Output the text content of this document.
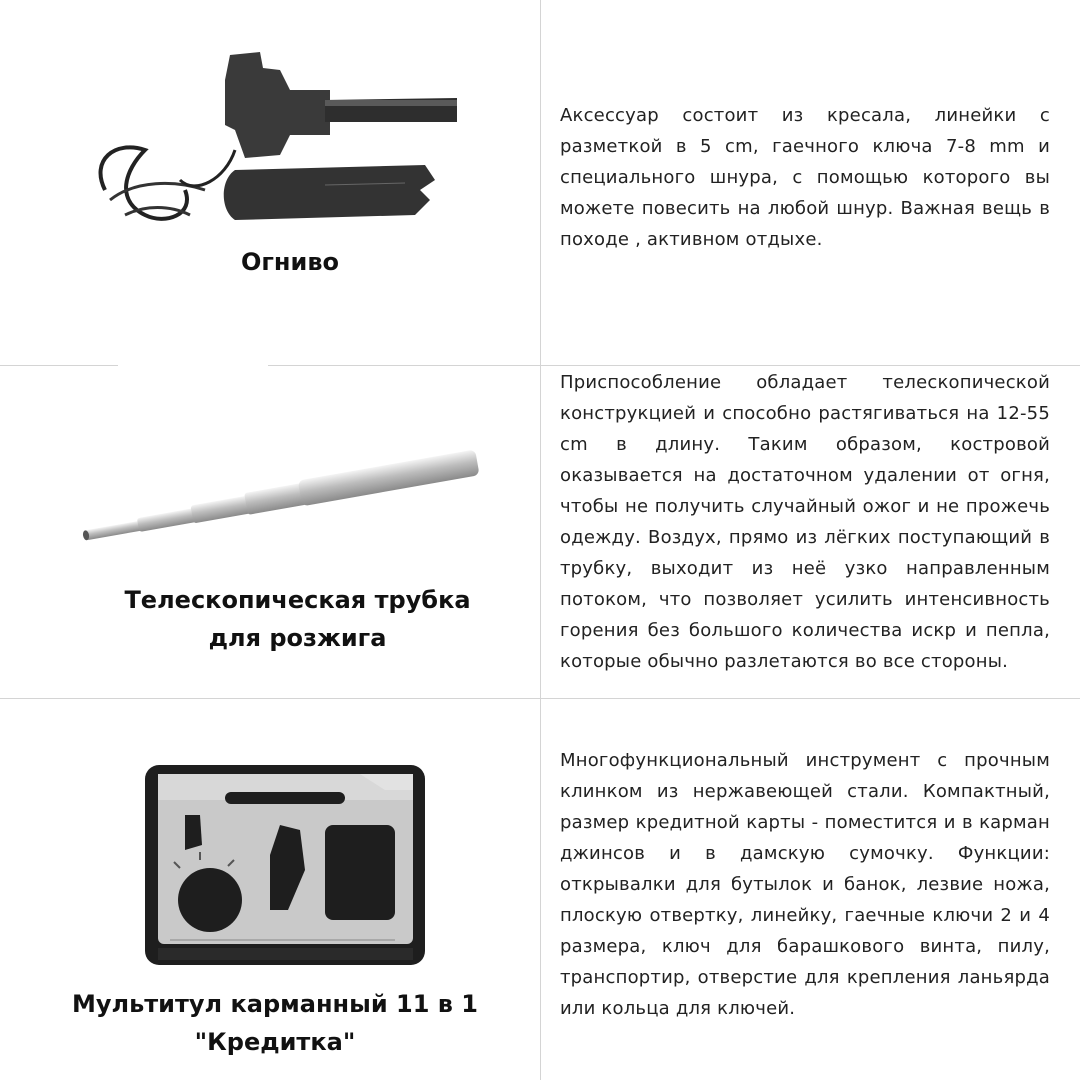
Огниво
Аксессуар состоит из кресала, линейки с разметкой в 5 cm, гаечного ключа 7-8 mm и специального шнура, с помощью которого вы можете повесить на любой шнур. Важная вещь в походе , активном отдыхе.
Телескопическая трубка для розжига
Приспособление обладает телескопической конструкцией и способно растягиваться на 12-55 cm в длину. Таким образом, костровой оказывается на достаточном удалении от огня, чтобы не получить случайный ожог и не прожечь одежду. Воздух, прямо из лёгких поступающий в трубку, выходит из неё узко направленным потоком, что позволяет усилить интенсивность горения без большого количества искр и пепла, которые обычно разлетаются во все стороны.
Мультитул карманный 11 в 1 "Кредитка"
Многофункциональный инструмент с прочным клинком из нержавеющей стали. Компактный, размер кредитной карты - поместится и в карман джинсов и в дамскую сумочку. Функции: открывалки для бутылок и банок, лезвие ножа, плоскую отвертку, линейку, гаечные ключи 2 и 4 размера, ключ для барашкового винта, пилу, транспортир, отверстие для крепления ланьярда или кольца для ключей.
